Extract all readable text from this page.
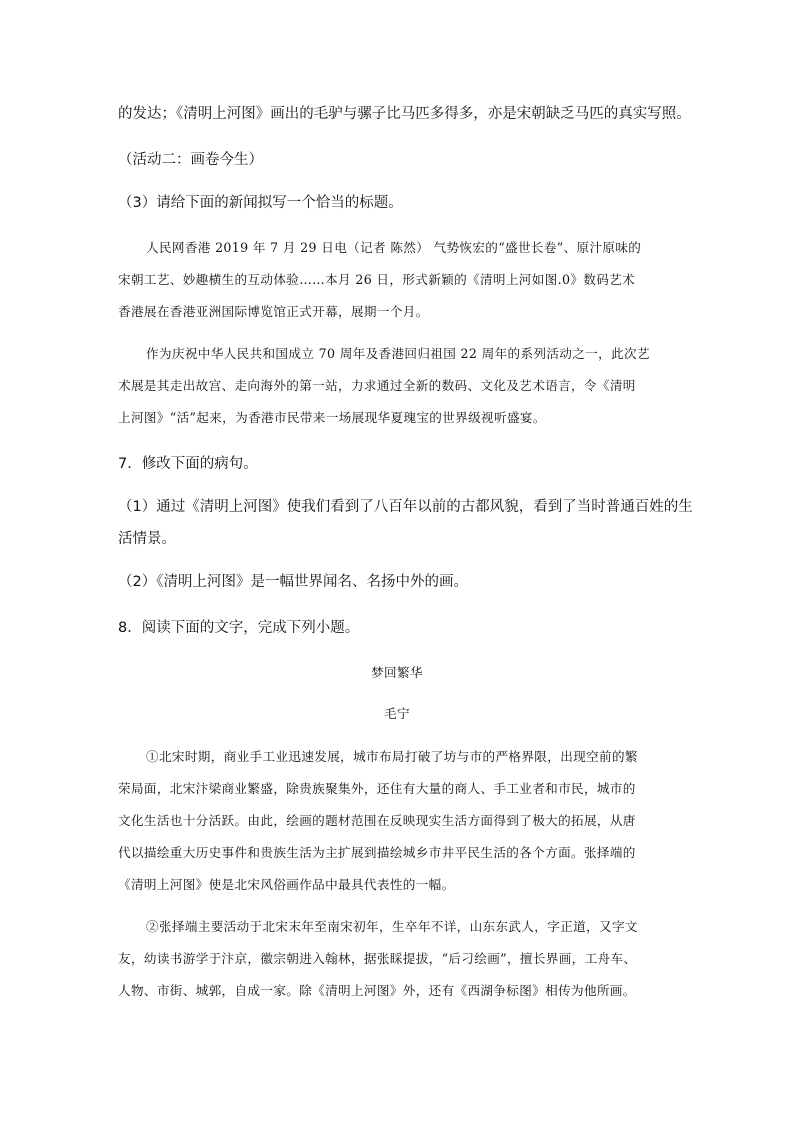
的发达；《清明上河图》画出的毛驴与骡子比马匹多得多，亦是宋朝缺乏马匹的真实写照。
（活动二：画卷今生）
（3）请给下面的新闻拟写一个恰当的标题。
人民网香港 2019 年 7 月 29 日电（记者 陈然） 气势恢宏的“盛世长卷”、原汁原味的
宋朝工艺、妙趣横生的互动体验……本月 26 日，形式新颖的《清明上河如图.0》数码艺术
香港展在香港亚洲国际博览馆正式开幕，展期一个月。
作为庆祝中华人民共和国成立 70 周年及香港回归祖国 22 周年的系列活动之一，此次艺
术展是其走出故宫、走向海外的第一站，力求通过全新的数码、文化及艺术语言，令《清明
上河图》“活”起来，为香港市民带来一场展现华夏瑰宝的世界级视听盛宴。
7．修改下面的病句。
（1）通过《清明上河图》使我们看到了八百年以前的古都风貌，看到了当时普通百姓的生
活情景。
（2）《清明上河图》是一幅世界闻名、名扬中外的画。
8．阅读下面的文字，完成下列小题。
梦回繁华
毛宁
①北宋时期，商业手工业迅速发展，城市布局打破了坊与市的严格界限，出现空前的繁
荣局面，北宋汴梁商业繁盛，除贵族聚集外，还住有大量的商人、手工业者和市民，城市的
文化生活也十分活跃。由此，绘画的题材范围在反映现实生活方面得到了极大的拓展，从唐
代以描绘重大历史事件和贵族生活为主扩展到描绘城乡市井平民生活的各个方面。张择端的
《清明上河图》使是北宋风俗画作品中最具代表性的一幅。
②张择端主要活动于北宋末年至南宋初年，生卒年不详，山东东武人，字正道，又字文
友，幼读书游学于汴京，徽宗朝进入翰林，据张睬提拔，“后刁绘画”，擅长界画，工舟车、
人物、市街、城郭，自成一家。除《清明上河图》外，还有《西湖争标图》相传为他所画。
